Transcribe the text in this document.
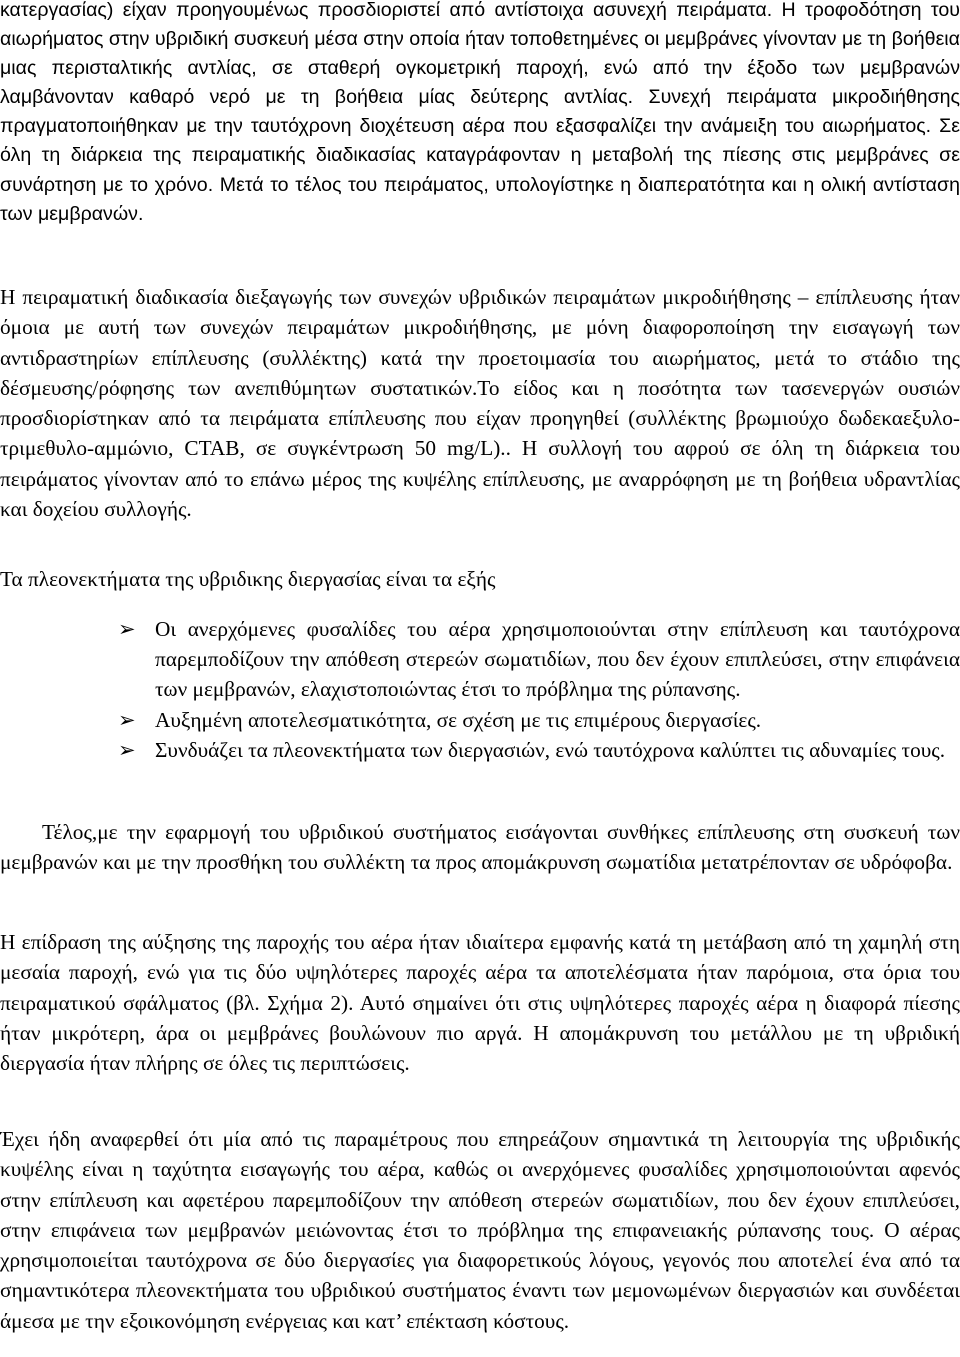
κατεργασίας) είχαν προηγουμένως προσδιοριστεί από αντίστοιχα ασυνεχή πειράματα. Η τροφοδότηση του αιωρήματος στην υβριδική συσκευή μέσα στην οποία ήταν τοποθετημένες οι μεμβράνες γίνονταν με τη βοήθεια μιας περισταλτικής αντλίας, σε σταθερή ογκομετρική παροχή, ενώ από την έξοδο των μεμβρανών λαμβάνονταν καθαρό νερό με τη βοήθεια μίας δεύτερης αντλίας. Συνεχή πειράματα μικροδιήθησης πραγματοποιήθηκαν με την ταυτόχρονη διοχέτευση αέρα που εξασφαλίζει την ανάμειξη του αιωρήματος. Σε όλη τη διάρκεια της πειραματικής διαδικασίας καταγράφονταν η μεταβολή της πίεσης στις μεμβράνες σε συνάρτηση με το χρόνο. Μετά το τέλος του πειράματος, υπολογίστηκε η διαπερατότητα και η ολική αντίσταση των μεμβρανών.

Η πειραματική διαδικασία διεξαγωγής των συνεχών υβριδικών πειραμάτων μικροδιήθησης – επίπλευσης ήταν όμοια με αυτή των συνεχών πειραμάτων μικροδιήθησης, με μόνη διαφοροποίηση την εισαγωγή των αντιδραστηρίων επίπλευσης (συλλέκτης) κατά την προετοιμασία του αιωρήματος, μετά το στάδιο της δέσμευσης/ρόφησης των ανεπιθύμητων συστατικών.Το είδος και η ποσότητα των τασενεργών ουσιών προσδιορίστηκαν από τα πειράματα επίπλευσης που είχαν προηγηθεί (συλλέκτης βρωμιούχο δωδεκαεξυλο-τριμεθυλο-αμμώνιο, CTAB, σε συγκέντρωση 50 mg/L).. Η συλλογή του αφρού σε όλη τη διάρκεια του πειράματος γίνονταν από το επάνω μέρος της κυψέλης επίπλευσης, με αναρρόφηση με τη βοήθεια υδραντλίας και δοχείου συλλογής.

Τα πλεονεκτήματα της υβριδικης διεργασίας είναι τα εξής

➢ Οι ανερχόμενες φυσαλίδες του αέρα χρησιμοποιούνται στην επίπλευση και ταυτόχρονα παρεμποδίζουν την απόθεση στερεών σωματιδίων, που δεν έχουν επιπλεύσει, στην επιφάνεια των μεμβρανών, ελαχιστοποιώντας έτσι το πρόβλημα της ρύπανσης.
➢ Αυξημένη αποτελεσματικότητα, σε σχέση με τις επιμέρους διεργασίες.
➢ Συνδυάζει τα πλεονεκτήματα των διεργασιών, ενώ ταυτόχρονα καλύπτει τις αδυναμίες τους.

Τέλος,με την εφαρμογή του υβριδικού συστήματος εισάγονται συνθήκες επίπλευσης στη συσκευή των μεμβρανών και με την προσθήκη του συλλέκτη τα προς απομάκρυνση σωματίδια μετατρέπονταν σε υδρόφοβα.

Η επίδραση της αύξησης της παροχής του αέρα ήταν ιδιαίτερα εμφανής κατά τη μετάβαση από τη χαμηλή στη μεσαία παροχή, ενώ για τις δύο υψηλότερες παροχές αέρα τα αποτελέσματα ήταν παρόμοια, στα όρια του πειραματικού σφάλματος (βλ. Σχήμα 2). Αυτό σημαίνει ότι στις υψηλότερες παροχές αέρα η διαφορά πίεσης ήταν μικρότερη, άρα οι μεμβράνες βουλώνουν πιο αργά. Η απομάκρυνση του μετάλλου με τη υβριδική διεργασία ήταν πλήρης σε όλες τις περιπτώσεις.

Έχει ήδη αναφερθεί ότι μία από τις παραμέτρους που επηρεάζουν σημαντικά τη λειτουργία της υβριδικής κυψέλης είναι η ταχύτητα εισαγωγής του αέρα, καθώς οι ανερχόμενες φυσαλίδες χρησιμοποιούνται αφενός στην επίπλευση και αφετέρου παρεμποδίζουν την απόθεση στερεών σωματιδίων, που δεν έχουν επιπλεύσει, στην επιφάνεια των μεμβρανών μειώνοντας έτσι το πρόβλημα της επιφανειακής ρύπανσης τους. Ο αέρας χρησιμοποιείται ταυτόχρονα σε δύο διεργασίες για διαφορετικούς λόγους, γεγονός που αποτελεί ένα από τα σημαντικότερα πλεονεκτήματα του υβριδικού συστήματος έναντι των μεμονωμένων διεργασιών και συνδέεται άμεσα με την εξοικονόμηση ενέργειας και κατ’ επέκταση κόστους.
